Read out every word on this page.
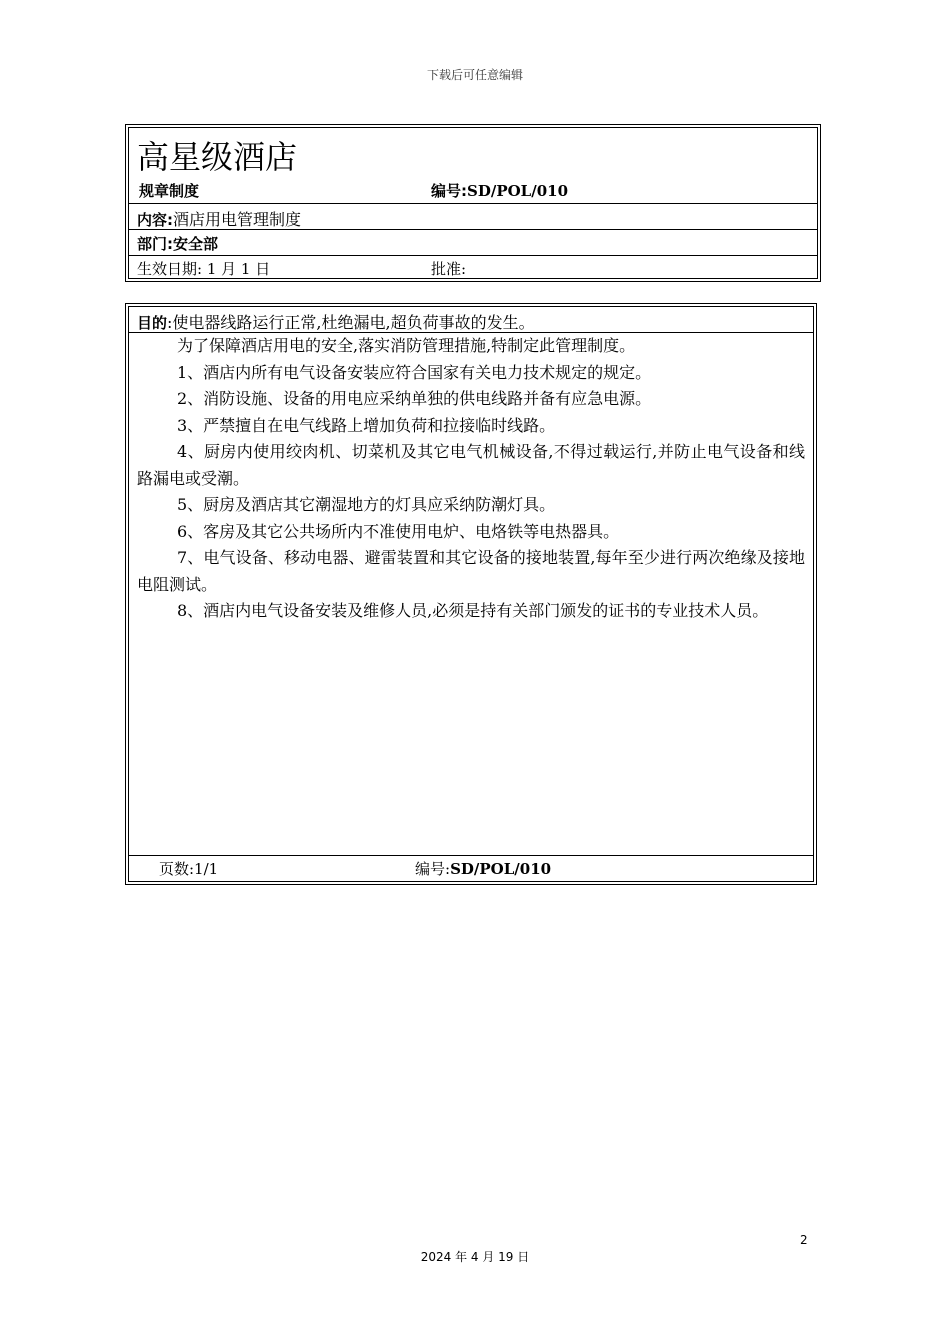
下载后可任意编辑
高星级酒店
规章制度	编号:SD/POL/010
内容:酒店用电管理制度
部门:安全部
生效日期: 1 月 1 日	批准:
目的:使电器线路运行正常,杜绝漏电,超负荷事故的发生。

为了保障酒店用电的安全,落实消防管理措施,特制定此管理制度。

1、酒店内所有电气设备安装应符合国家有关电力技术规定的规定。

2、消防设施、设备的用电应采纳单独的供电线路并备有应急电源。

3、严禁擅自在电气线路上增加负荷和拉接临时线路。

4、厨房内使用绞肉机、切菜机及其它电气机械设备,不得过载运行,并防止电气设备和线路漏电或受潮。

5、厨房及酒店其它潮湿地方的灯具应采纳防潮灯具。

6、客房及其它公共场所内不准使用电炉、电烙铁等电热器具。

7、电气设备、移动电器、避雷装置和其它设备的接地装置,每年至少进行两次绝缘及接地电阻测试。

8、酒店内电气设备安装及维修人员,必须是持有关部门颁发的证书的专业技术人员。

页数:1/1	编号:SD/POL/010
2
2024 年 4 月 19 日
